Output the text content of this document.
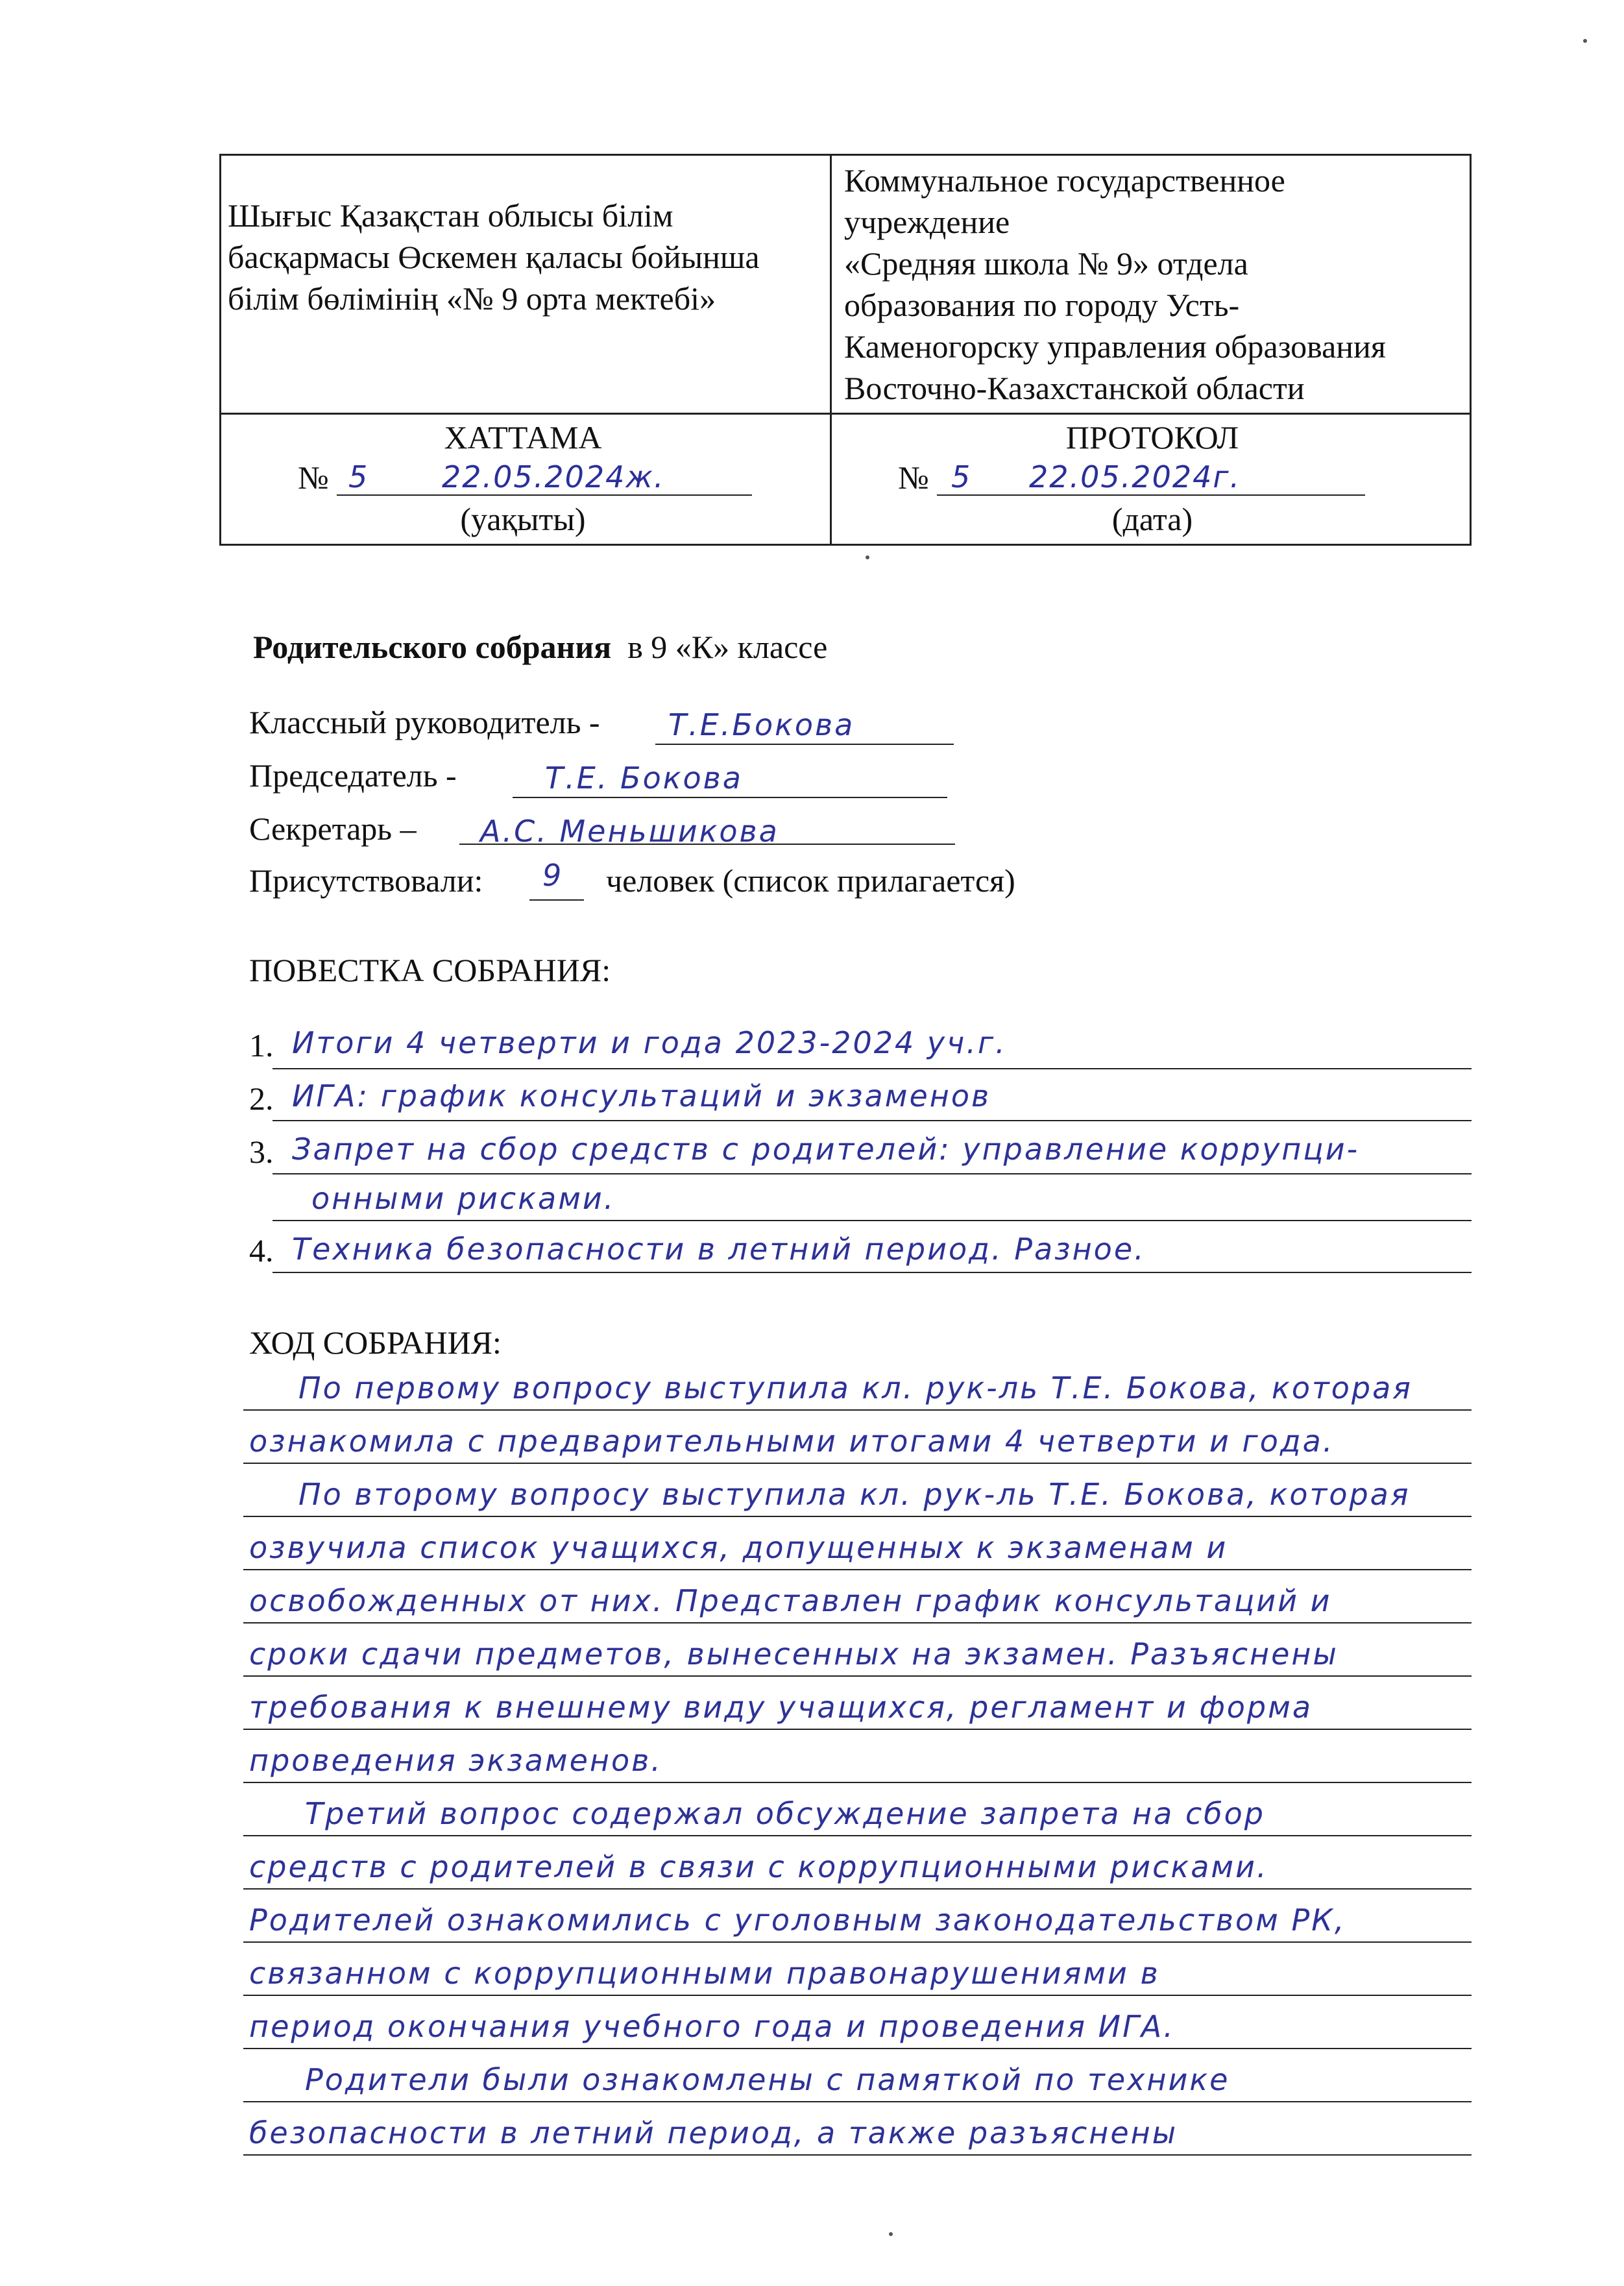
Шығыс Қазақстан облысы білім басқармасы Өскемен қаласы бойынша білім бөлімінің «№ 9 орта мектебі»
Коммунальное государственное
учреждение
«Средняя школа № 9» отдела
образования по городу Усть-
Каменогорску управления образования
Восточно-Казахстанской области
ХАТТАМА
№ 5 22.05.2024ж.
(уақыты)
ПРОТОКОЛ
№ 5 22.05.2024г.
(дата)
Родительского собрания в 9 «К» классе
Классный руководитель - Т.Е.Бокова
Председатель -	Т.Е. Бокова
Секретарь – А.С. Меньшикова
Присутствовали: 9 человек (список прилагается)
ПОВЕСТКА СОБРАНИЯ:
1. Итоги 4 четверти и года 2023-2024 уч.г.
2. ИГА: график консультаций и экзаменов
3. Запрет на сбор средств с родителей: управление коррупци-
онными рисками.
4. Техника безопасности в летний период. Разное.
ХОД СОБРАНИЯ:
По первому вопросу выступила кл. рук-ль Т.Е. Бокова, которая
ознакомила с предварительными итогами 4 четверти и года.
По второму вопросу выступила кл. рук-ль Т.Е. Бокова, которая
озвучила список учащихся, допущенных к экзаменам и
освобожденных от них. Представлен график консультаций и
сроки сдачи предметов, вынесенных на экзамен. Разъяснены
требования к внешнему виду учащихся, регламент и форма
проведения экзаменов.
Третий вопрос содержал обсуждение запрета на сбор
средств с родителей в связи с коррупционными рисками.
Родителей ознакомились с уголовным законодательством РК,
связанном с коррупционными правонарушениями в
период окончания учебного года и проведения ИГА.
Родители были ознакомлены с памяткой по технике
безопасности в летний период, а также разъяснены
